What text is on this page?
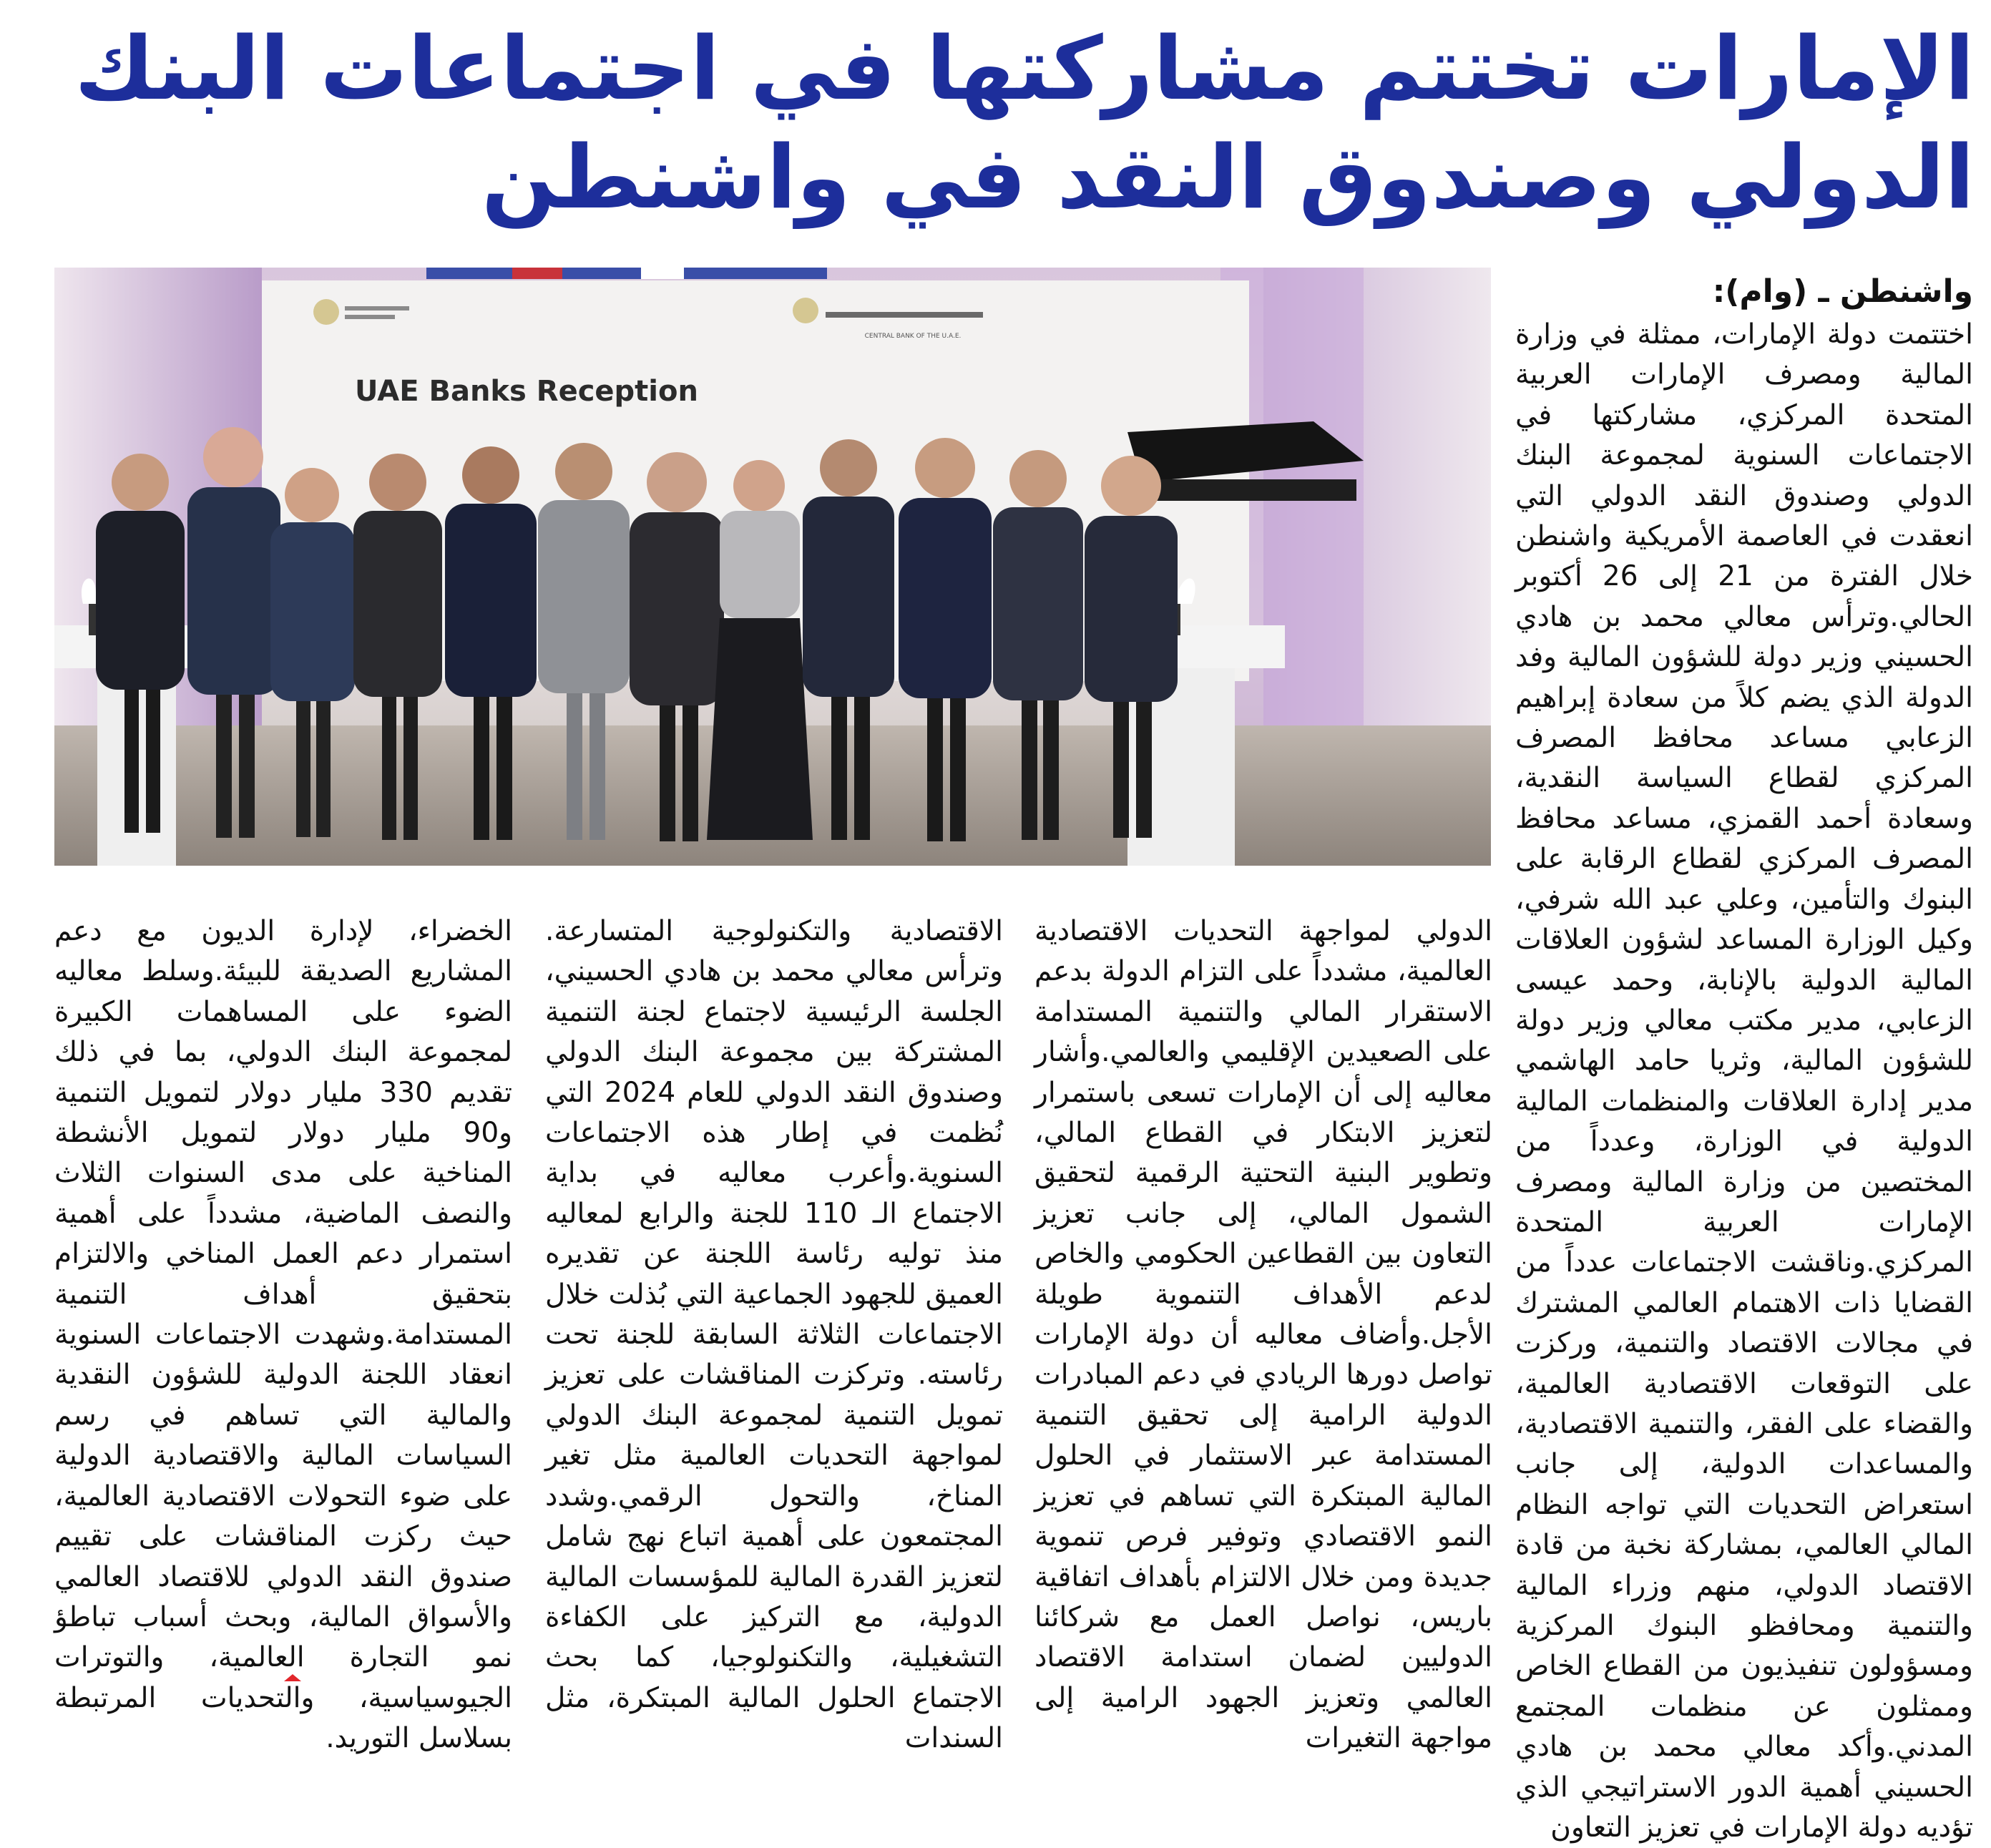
الإمارات تختتم مشاركتها في اجتماعات البنك الدولي وصندوق النقد في واشنطن
UAE Banks Reception
CENTRAL BANK OF THE U.A.E.

واشنطن ـ (وام):

اختتمت دولة الإمارات، ممثلة في وزارة المالية ومصرف الإمارات العربية المتحدة المركزي، مشاركتها في الاجتماعات السنوية لمجموعة البنك الدولي وصندوق النقد الدولي التي انعقدت في العاصمة الأمريكية واشنطن خلال الفترة من 21 إلى 26 أكتوبر الحالي.وترأس معالي محمد بن هادي الحسيني وزير دولة للشؤون المالية وفد الدولة الذي يضم كلاً من سعادة إبراهيم الزعابي مساعد محافظ المصرف المركزي لقطاع السياسة النقدية، وسعادة أحمد القمزي، مساعد محافظ المصرف المركزي لقطاع الرقابة على البنوك والتأمين، وعلي عبد الله شرفي، وكيل الوزارة المساعد لشؤون العلاقات المالية الدولية بالإنابة، وحمد عيسى الزعابي، مدير مكتب معالي وزير دولة للشؤون المالية، وثريا حامد الهاشمي مدير إدارة العلاقات والمنظمات المالية الدولية في الوزارة، وعدداً من المختصين من وزارة المالية ومصرف الإمارات العربية المتحدة المركزي.وناقشت الاجتماعات عدداً من القضايا ذات الاهتمام العالمي المشترك في مجالات الاقتصاد والتنمية، وركزت على التوقعات الاقتصادية العالمية، والقضاء على الفقر، والتنمية الاقتصادية، والمساعدات الدولية، إلى جانب استعراض التحديات التي تواجه النظام المالي العالمي، بمشاركة نخبة من قادة الاقتصاد الدولي، منهم وزراء المالية والتنمية ومحافظو البنوك المركزية ومسؤولون تنفيذيون من القطاع الخاص وممثلون عن منظمات المجتمع المدني.وأكد معالي محمد بن هادي الحسيني أهمية الدور الاستراتيجي الذي تؤديه دولة الإمارات في تعزيز التعاون

الدولي لمواجهة التحديات الاقتصادية العالمية، مشدداً على التزام الدولة بدعم الاستقرار المالي والتنمية المستدامة على الصعيدين الإقليمي والعالمي.وأشار معاليه إلى أن الإمارات تسعى باستمرار لتعزيز الابتكار في القطاع المالي، وتطوير البنية التحتية الرقمية لتحقيق الشمول المالي، إلى جانب تعزيز التعاون بين القطاعين الحكومي والخاص لدعم الأهداف التنموية طويلة الأجل.وأضاف معاليه أن دولة الإمارات تواصل دورها الريادي في دعم المبادرات الدولية الرامية إلى تحقيق التنمية المستدامة عبر الاستثمار في الحلول المالية المبتكرة التي تساهم في تعزيز النمو الاقتصادي وتوفير فرص تنموية جديدة ومن خلال الالتزام بأهداف اتفاقية باريس، نواصل العمل مع شركائنا الدوليين لضمان استدامة الاقتصاد العالمي وتعزيز الجهود الرامية إلى مواجهة التغيرات

الاقتصادية والتكنولوجية المتسارعة. وترأس معالي محمد بن هادي الحسيني، الجلسة الرئيسية لاجتماع لجنة التنمية المشتركة بين مجموعة البنك الدولي وصندوق النقد الدولي للعام 2024 التي نُظمت في إطار هذه الاجتماعات السنوية.وأعرب معاليه في بداية الاجتماع الـ 110 للجنة والرابع لمعاليه منذ توليه رئاسة اللجنة عن تقديره العميق للجهود الجماعية التي بُذلت خلال الاجتماعات الثلاثة السابقة للجنة تحت رئاسته. وتركزت المناقشات على تعزيز تمويل التنمية لمجموعة البنك الدولي لمواجهة التحديات العالمية مثل تغير المناخ، والتحول الرقمي.وشدد المجتمعون على أهمية اتباع نهج شامل لتعزيز القدرة المالية للمؤسسات المالية الدولية، مع التركيز على الكفاءة التشغيلية، والتكنولوجيا، كما بحث الاجتماع الحلول المالية المبتكرة، مثل السندات

الخضراء، لإدارة الديون مع دعم المشاريع الصديقة للبيئة.وسلط معاليه الضوء على المساهمات الكبيرة لمجموعة البنك الدولي، بما في ذلك تقديم 330 مليار دولار لتمويل التنمية و90 مليار دولار لتمويل الأنشطة المناخية على مدى السنوات الثلاث والنصف الماضية، مشدداً على أهمية استمرار دعم العمل المناخي والالتزام بتحقيق أهداف التنمية المستدامة.وشهدت الاجتماعات السنوية انعقاد اللجنة الدولية للشؤون النقدية والمالية التي تساهم في رسم السياسات المالية والاقتصادية الدولية على ضوء التحولات الاقتصادية العالمية، حيث ركزت المناقشات على تقييم صندوق النقد الدولي للاقتصاد العالمي والأسواق المالية، وبحث أسباب تباطؤ نمو التجارة العالمية، والتوترات الجيوسياسية، والتحديات المرتبطة بسلاسل التوريد.
